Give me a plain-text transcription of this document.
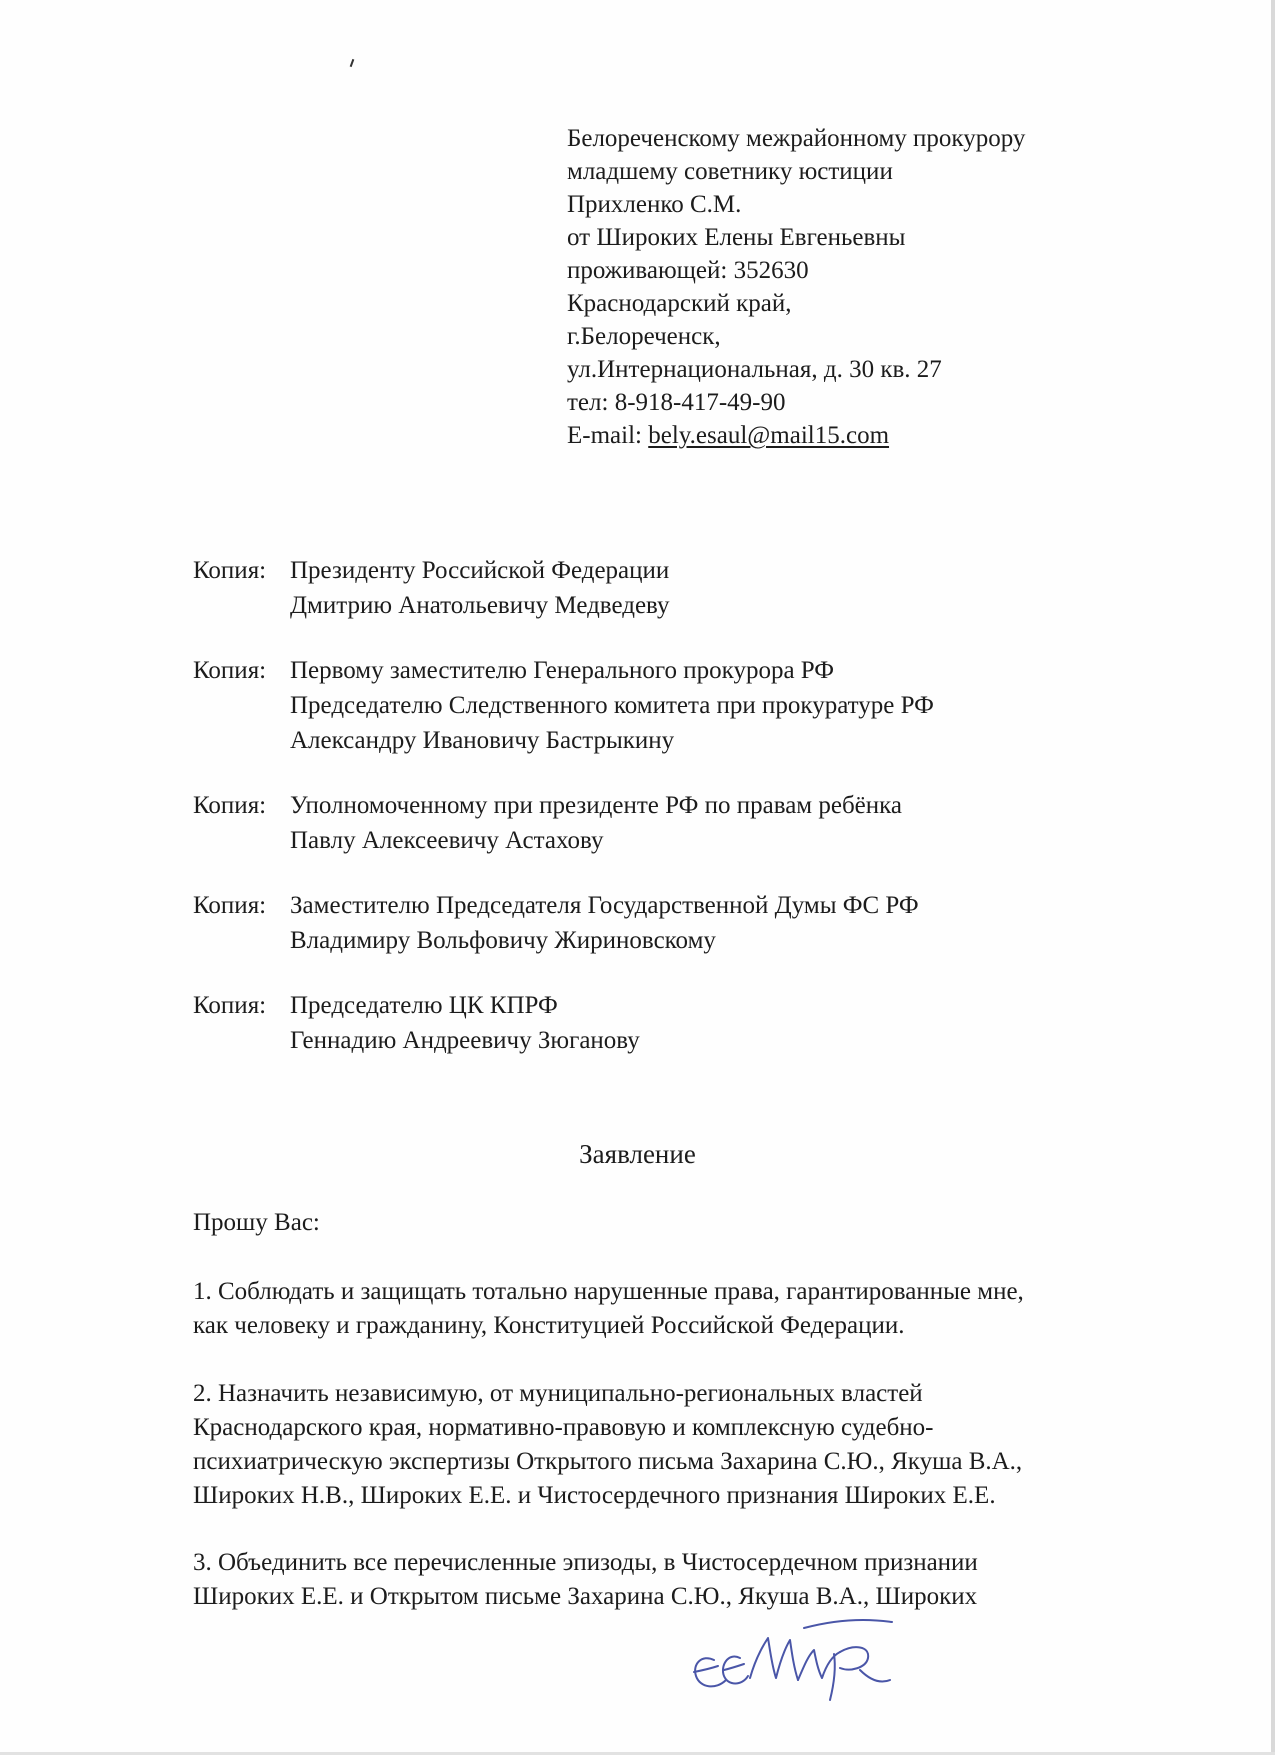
Белореченскому межрайонному прокурору
младшему советнику юстиции
Прихленко С.М.
от Широких Елены Евгеньевны
проживающей: 352630
Краснодарский край,
г.Белореченск,
ул.Интернациональная, д. 30 кв. 27
тел: 8-918-417-49-90
E-mail: bely.esaul@mail15.com
Копия: Президенту Российской Федерации
Дмитрию Анатольевичу Медведеву
Копия: Первому заместителю Генерального прокурора РФ
Председателю Следственного комитета при прокуратуре РФ
Александру Ивановичу Бастрыкину
Копия: Уполномоченному при президенте РФ по правам ребёнка
Павлу Алексеевичу Астахову
Копия: Заместителю Председателя Государственной Думы ФС РФ
Владимиру Вольфовичу Жириновскому
Копия: Председателю ЦК КПРФ
Геннадию Андреевичу Зюганову
Заявление
Прошу Вас:
1. Соблюдать и защищать тотально нарушенные права, гарантированные мне,
как человеку и гражданину, Конституцией Российской Федерации.
2. Назначить независимую, от муниципально-региональных властей
Краснодарского края, нормативно-правовую и комплексную судебно-
психиатрическую экспертизы Открытого письма Захарина С.Ю., Якуша В.А.,
Широких Н.В., Широких Е.Е. и Чистосердечного признания Широких Е.Е.
3. Объединить все перечисленные эпизоды, в Чистосердечном признании
Широких Е.Е. и Открытом письме Захарина С.Ю., Якуша В.А., Широких
